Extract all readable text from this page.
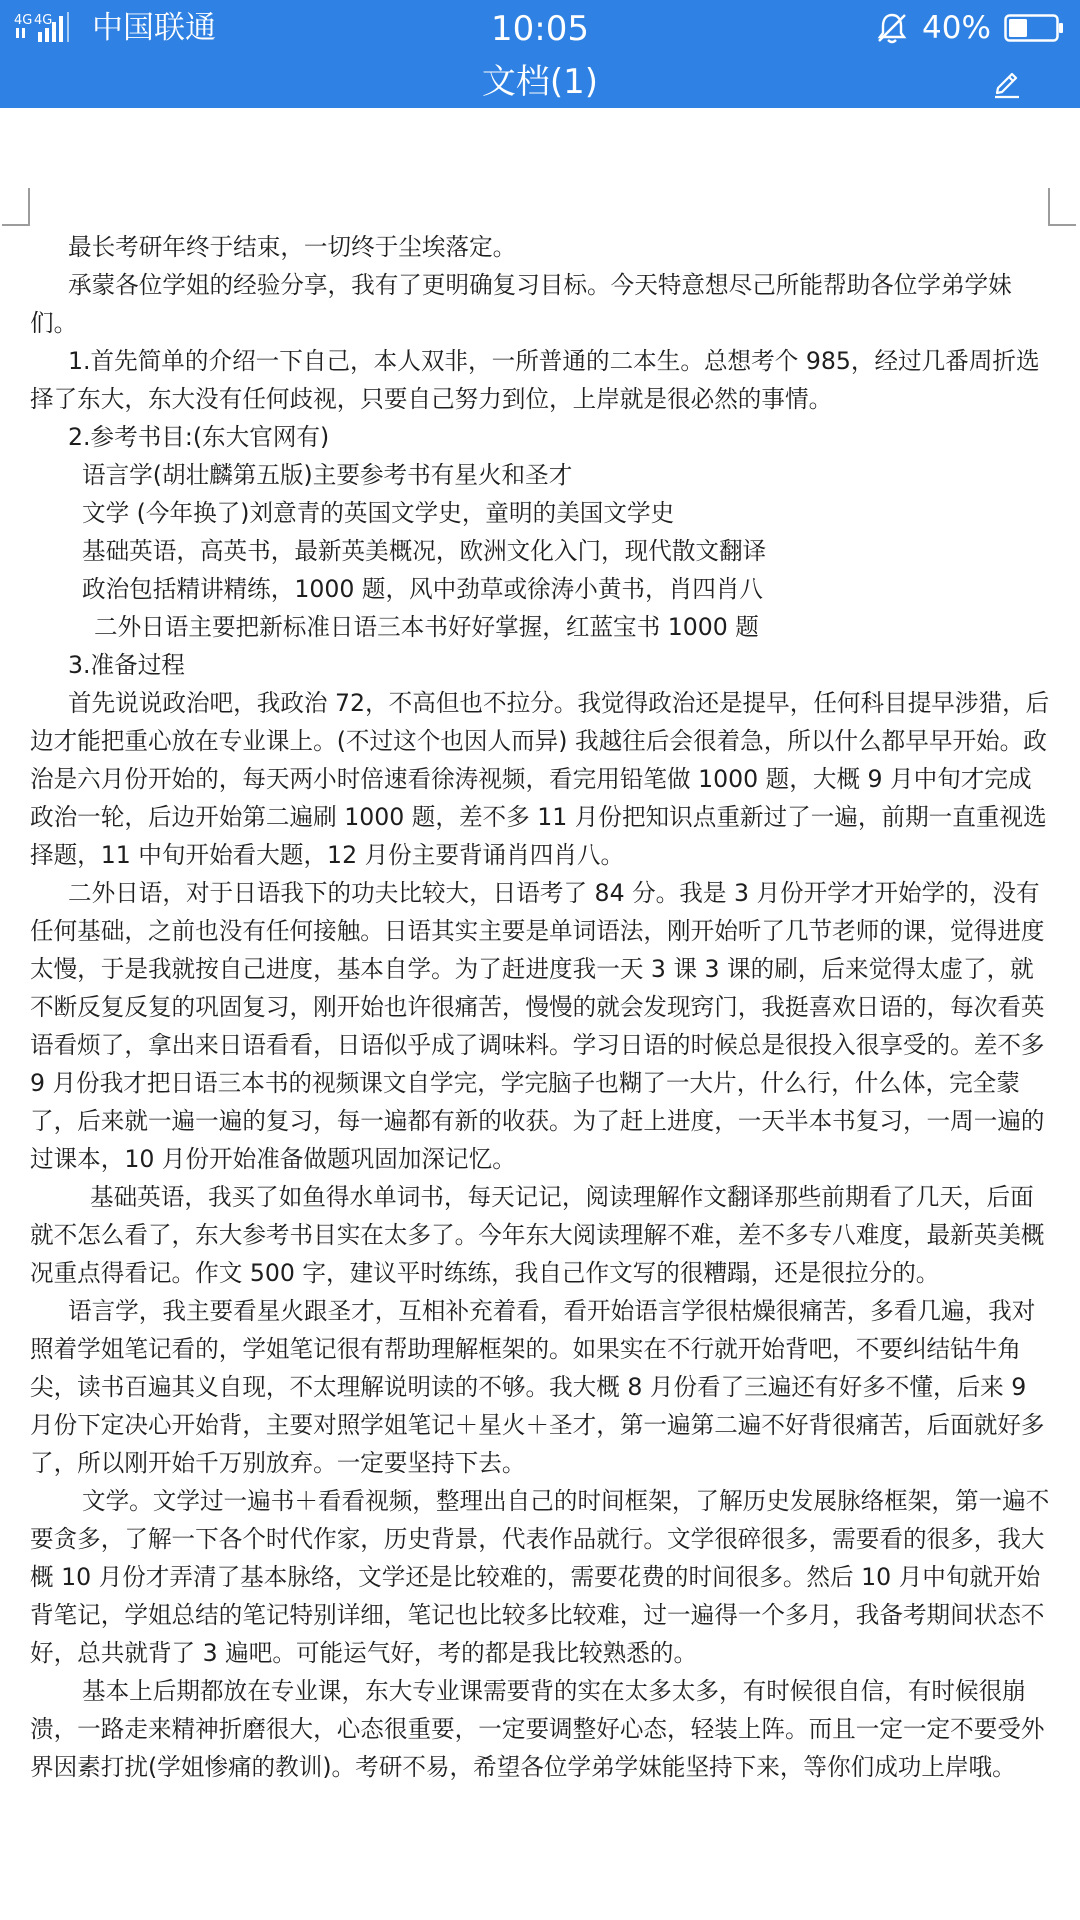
4G 4G 中国联通	10:05	40%
文档(1)

最长考研年终于结束，一切终于尘埃落定。

承蒙各位学姐的经验分享，我有了更明确复习目标。今天特意想尽己所能帮助各位学弟学妹们。

1.首先简单的介绍一下自己，本人双非，一所普通的二本生。总想考个 985，经过几番周折选择了东大，东大没有任何歧视，只要自己努力到位，上岸就是很必然的事情。

2.参考书目:(东大官网有)

语言学(胡壮麟第五版)主要参考书有星火和圣才

文学 (今年换了)刘意青的英国文学史，童明的美国文学史

基础英语，高英书，最新英美概况，欧洲文化入门，现代散文翻译

政治包括精讲精练，1000 题，风中劲草或徐涛小黄书，肖四肖八

二外日语主要把新标准日语三本书好好掌握，红蓝宝书 1000 题

3.准备过程

首先说说政治吧，我政治 72，不高但也不拉分。我觉得政治还是提早，任何科目提早涉猎，后边才能把重心放在专业课上。(不过这个也因人而异) 我越往后会很着急，所以什么都早早开始。政治是六月份开始的，每天两小时倍速看徐涛视频，看完用铅笔做 1000 题，大概 9 月中旬才完成政治一轮，后边开始第二遍刷 1000 题，差不多 11 月份把知识点重新过了一遍，前期一直重视选择题，11 中旬开始看大题，12 月份主要背诵肖四肖八。

二外日语，对于日语我下的功夫比较大，日语考了 84 分。我是 3 月份开学才开始学的，没有任何基础，之前也没有任何接触。日语其实主要是单词语法，刚开始听了几节老师的课，觉得进度太慢，于是我就按自己进度，基本自学。为了赶进度我一天 3 课 3 课的刷，后来觉得太虚了，就不断反复反复的巩固复习，刚开始也许很痛苦，慢慢的就会发现窍门，我挺喜欢日语的，每次看英语看烦了，拿出来日语看看，日语似乎成了调味料。学习日语的时候总是很投入很享受的。差不多 9 月份我才把日语三本书的视频课文自学完，学完脑子也糊了一大片，什么行，什么体，完全蒙了，后来就一遍一遍的复习，每一遍都有新的收获。为了赶上进度，一天半本书复习，一周一遍的过课本，10 月份开始准备做题巩固加深记忆。

基础英语，我买了如鱼得水单词书，每天记记，阅读理解作文翻译那些前期看了几天，后面就不怎么看了，东大参考书目实在太多了。今年东大阅读理解不难，差不多专八难度，最新英美概况重点得看记。作文 500 字，建议平时练练，我自己作文写的很糟蹋，还是很拉分的。

语言学，我主要看星火跟圣才，互相补充着看，看开始语言学很枯燥很痛苦，多看几遍，我对照着学姐笔记看的，学姐笔记很有帮助理解框架的。如果实在不行就开始背吧，不要纠结钻牛角尖，读书百遍其义自现，不太理解说明读的不够。我大概 8 月份看了三遍还有好多不懂，后来 9 月份下定决心开始背，主要对照学姐笔记＋星火＋圣才，第一遍第二遍不好背很痛苦，后面就好多了，所以刚开始千万别放弃。一定要坚持下去。

文学。文学过一遍书＋看看视频，整理出自己的时间框架，了解历史发展脉络框架，第一遍不要贪多，了解一下各个时代作家，历史背景，代表作品就行。文学很碎很多，需要看的很多，我大概 10 月份才弄清了基本脉络，文学还是比较难的，需要花费的时间很多。然后 10 月中旬就开始背笔记，学姐总结的笔记特别详细，笔记也比较多比较难，过一遍得一个多月，我备考期间状态不好，总共就背了 3 遍吧。可能运气好，考的都是我比较熟悉的。

基本上后期都放在专业课，东大专业课需要背的实在太多太多，有时候很自信，有时候很崩溃，一路走来精神折磨很大，心态很重要，一定要调整好心态，轻装上阵。而且一定一定不要受外界因素打扰(学姐惨痛的教训)。考研不易，希望各位学弟学妹能坚持下来，等你们成功上岸哦。
